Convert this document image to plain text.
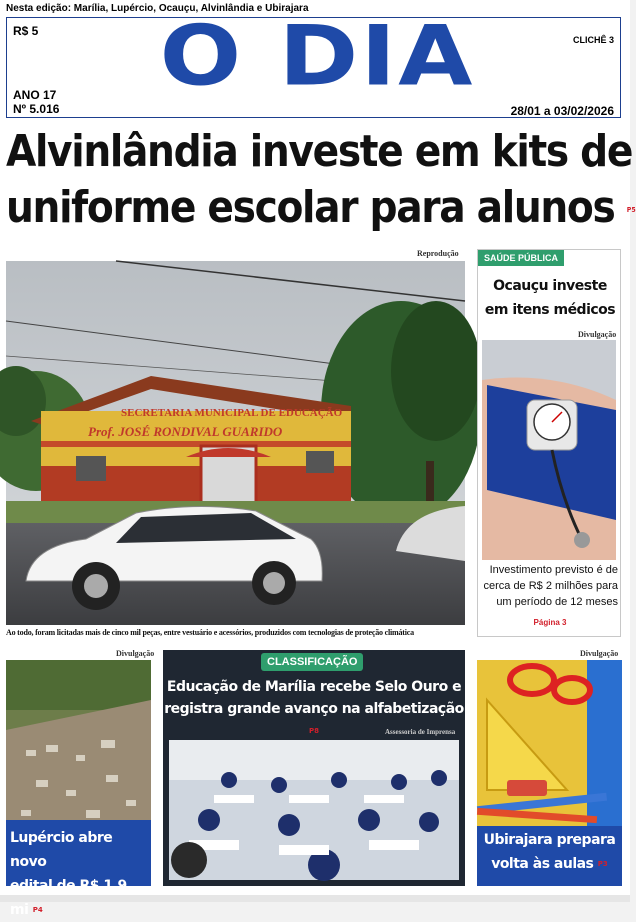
Nesta edição: Marília, Lupércio, Ocauçu, Alvinlândia e Ubirajara
R$ 5 O DIA	CLICHÊ 3
ANO 17
Nº 5.016	28/01 a 03/02/2026
Alvinlândia investe em kits de
uniforme escolar para alunos P5
Reprodução
SECRETARIA MUNICIPAL DE EDUCAÇÃO
Prof. JOSÉ RONDIVAL GUARIDO
Ao todo, foram licitadas mais de cinco mil peças, entre vestuário e acessórios, produzidos com tecnologias de proteção climática
SAÚDE PÚBLICA
Ocauçu investe
em itens médicos
Divulgação
Investimento previsto é de cerca de R$ 2 milhões para um período de 12 meses
Página 3
Divulgação
Lupércio abre novo
edital de R$ 1,9 mi P4
CLASSIFICAÇÃO
Educação de Marília recebe Selo Ouro e
registra grande avanço na alfabetização P8	Assessoria de Imprensa
Divulgação
Ubirajara prepara
volta às aulas P3
